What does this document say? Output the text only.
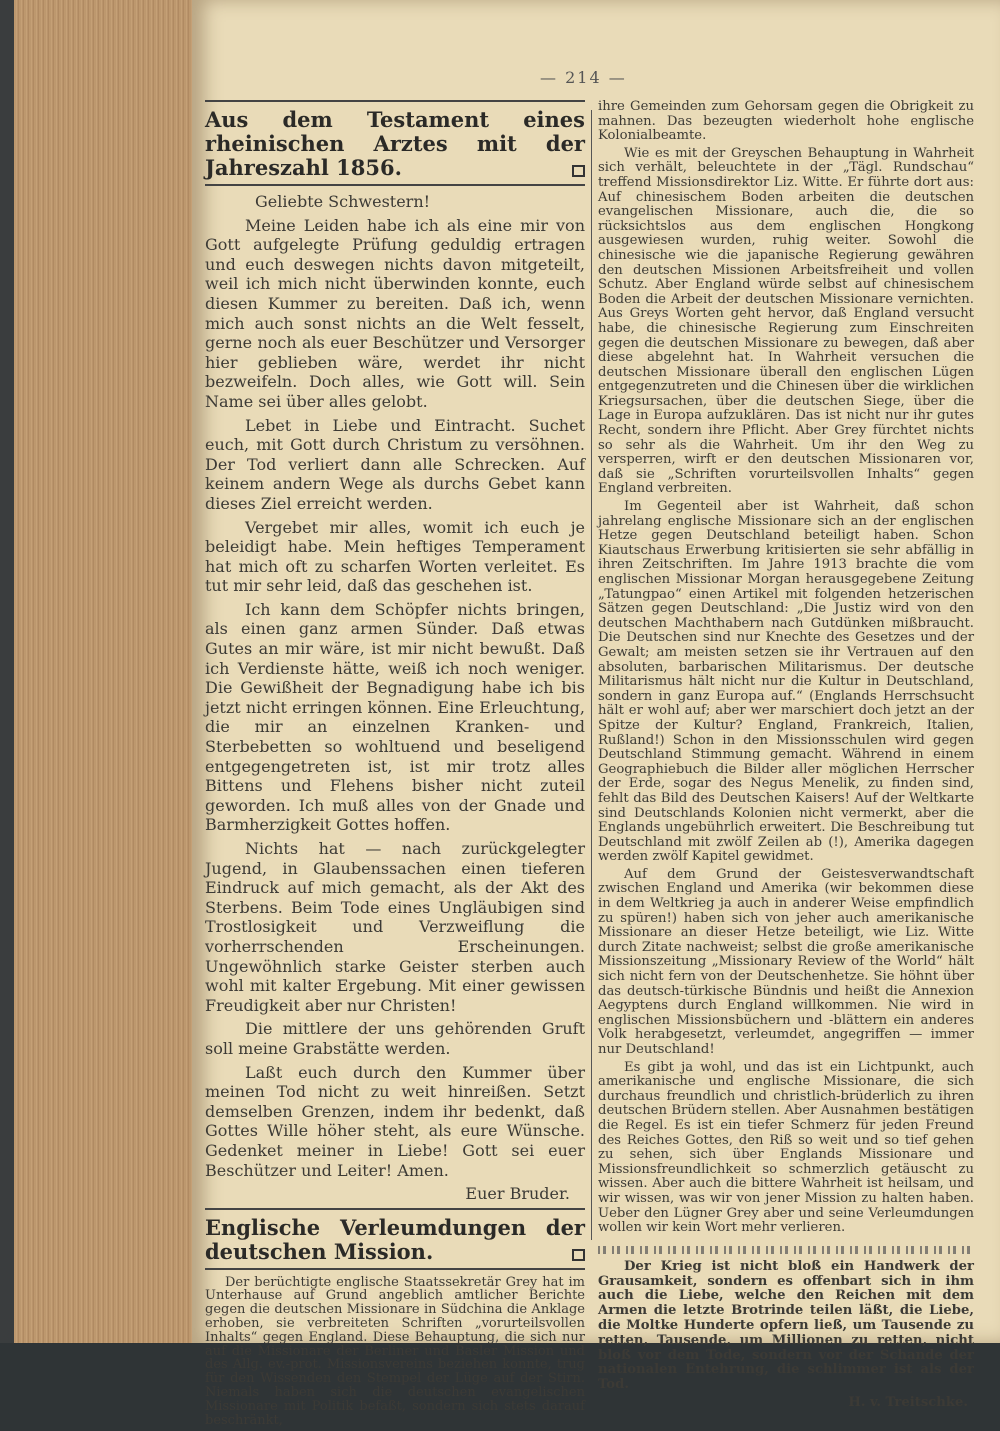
— 214 —
Aus dem Testament eines rheinischen Arztes mit der Jahreszahl 1856.

Geliebte Schwestern!

Meine Leiden habe ich als eine mir von Gott aufgelegte Prüfung geduldig ertragen und euch deswegen nichts davon mitgeteilt, weil ich mich nicht überwinden konnte, euch diesen Kummer zu bereiten. Daß ich, wenn mich auch sonst nichts an die Welt fesselt, gerne noch als euer Beschützer und Versorger hier geblieben wäre, werdet ihr nicht bezweifeln. Doch alles, wie Gott will. Sein Name sei über alles gelobt.

Lebet in Liebe und Eintracht. Suchet euch, mit Gott durch Christum zu versöhnen. Der Tod verliert dann alle Schrecken. Auf keinem andern Wege als durchs Gebet kann dieses Ziel erreicht werden.

Vergebet mir alles, womit ich euch je beleidigt habe. Mein heftiges Temperament hat mich oft zu scharfen Worten verleitet. Es tut mir sehr leid, daß das geschehen ist.

Ich kann dem Schöpfer nichts bringen, als einen ganz armen Sünder. Daß etwas Gutes an mir wäre, ist mir nicht bewußt. Daß ich Verdienste hätte, weiß ich noch weniger. Die Gewißheit der Begnadigung habe ich bis jetzt nicht erringen können. Eine Erleuchtung, die mir an einzelnen Kranken- und Sterbebetten so wohltuend und beseligend entgegengetreten ist, ist mir trotz alles Bittens und Flehens bisher nicht zuteil geworden. Ich muß alles von der Gnade und Barmherzigkeit Gottes hoffen.

Nichts hat — nach zurückgelegter Jugend, in Glaubenssachen einen tieferen Eindruck auf mich gemacht, als der Akt des Sterbens. Beim Tode eines Ungläubigen sind Trostlosigkeit und Verzweiflung die vorherrschenden Erscheinungen. Ungewöhnlich starke Geister sterben auch wohl mit kalter Ergebung. Mit einer gewissen Freudigkeit aber nur Christen!

Die mittlere der uns gehörenden Gruft soll meine Grabstätte werden.

Laßt euch durch den Kummer über meinen Tod nicht zu weit hinreißen. Setzt demselben Grenzen, indem ihr bedenkt, daß Gottes Wille höher steht, als eure Wünsche. Gedenket meiner in Liebe! Gott sei euer Beschützer und Leiter! Amen.

Euer Bruder.

Englische Verleumdungen der deutschen Mission.

Der berüchtigte englische Staatssekretär Grey hat im Unterhause auf Grund angeblich amtlicher Berichte gegen die deutschen Missionare in Südchina die Anklage erhoben, sie verbreiteten Schriften „vorurteilsvollen Inhalts“ gegen England. Diese Behauptung, die sich nur auf die Missionare der Berliner und Basler Mission und des Allg. ev.-prot. Missionsvereins beziehen konnte, trug für den Wissenden den Stempel der Lüge auf der Stirn. Niemals haben sich die deutschen evangelischen Missionare mit Politik befaßt, sondern sich stets darauf beschränkt,

ihre Gemeinden zum Gehorsam gegen die Obrigkeit zu mahnen. Das bezeugten wiederholt hohe englische Kolonialbeamte.

Wie es mit der Greyschen Behauptung in Wahrheit sich verhält, beleuchtete in der „Tägl. Rundschau“ treffend Missionsdirektor Liz. Witte. Er führte dort aus: Auf chinesischem Boden arbeiten die deutschen evangelischen Missionare, auch die, die so rücksichtslos aus dem englischen Hongkong ausgewiesen wurden, ruhig weiter. Sowohl die chinesische wie die japanische Regierung gewähren den deutschen Missionen Arbeitsfreiheit und vollen Schutz. Aber England würde selbst auf chinesischem Boden die Arbeit der deutschen Missionare vernichten. Aus Greys Worten geht hervor, daß England versucht habe, die chinesische Regierung zum Einschreiten gegen die deutschen Missionare zu bewegen, daß aber diese abgelehnt hat. In Wahrheit versuchen die deutschen Missionare überall den englischen Lügen entgegenzutreten und die Chinesen über die wirklichen Kriegsursachen, über die deutschen Siege, über die Lage in Europa aufzuklären. Das ist nicht nur ihr gutes Recht, sondern ihre Pflicht. Aber Grey fürchtet nichts so sehr als die Wahrheit. Um ihr den Weg zu versperren, wirft er den deutschen Missionaren vor, daß sie „Schriften vorurteilsvollen Inhalts“ gegen England verbreiten.

Im Gegenteil aber ist Wahrheit, daß schon jahrelang englische Missionare sich an der englischen Hetze gegen Deutschland beteiligt haben. Schon Kiautschaus Erwerbung kritisierten sie sehr abfällig in ihren Zeitschriften. Im Jahre 1913 brachte die vom englischen Missionar Morgan herausgegebene Zeitung „Tatungpao“ einen Artikel mit folgenden hetzerischen Sätzen gegen Deutschland: „Die Justiz wird von den deutschen Machthabern nach Gutdünken mißbraucht. Die Deutschen sind nur Knechte des Gesetzes und der Gewalt; am meisten setzen sie ihr Vertrauen auf den absoluten, barbarischen Militarismus. Der deutsche Militarismus hält nicht nur die Kultur in Deutschland, sondern in ganz Europa auf.“ (Englands Herrschsucht hält er wohl auf; aber wer marschiert doch jetzt an der Spitze der Kultur? England, Frankreich, Italien, Rußland!) Schon in den Missionsschulen wird gegen Deutschland Stimmung gemacht. Während in einem Geographiebuch die Bilder aller möglichen Herrscher der Erde, sogar des Negus Menelik, zu finden sind, fehlt das Bild des Deutschen Kaisers! Auf der Weltkarte sind Deutschlands Kolonien nicht vermerkt, aber die Englands ungebührlich erweitert. Die Beschreibung tut Deutschland mit zwölf Zeilen ab (!), Amerika dagegen werden zwölf Kapitel gewidmet.

Auf dem Grund der Geistesverwandtschaft zwischen England und Amerika (wir bekommen diese in dem Weltkrieg ja auch in anderer Weise empfindlich zu spüren!) haben sich von jeher auch amerikanische Missionare an dieser Hetze beteiligt, wie Liz. Witte durch Zitate nachweist; selbst die große amerikanische Missionszeitung „Missionary Review of the World“ hält sich nicht fern von der Deutschenhetze. Sie höhnt über das deutsch-türkische Bündnis und heißt die Annexion Aegyptens durch England willkommen. Nie wird in englischen Missionsbüchern und -blättern ein anderes Volk herabgesetzt, verleumdet, angegriffen — immer nur Deutschland!

Es gibt ja wohl, und das ist ein Lichtpunkt, auch amerikanische und englische Missionare, die sich durchaus freundlich und christlich-brüderlich zu ihren deutschen Brüdern stellen. Aber Ausnahmen bestätigen die Regel. Es ist ein tiefer Schmerz für jeden Freund des Reiches Gottes, den Riß so weit und so tief gehen zu sehen, sich über Englands Missionare und Missionsfreundlichkeit so schmerzlich getäuscht zu wissen. Aber auch die bittere Wahrheit ist heilsam, und wir wissen, was wir von jener Mission zu halten haben. Ueber den Lügner Grey aber und seine Verleumdungen wollen wir kein Wort mehr verlieren.

Der Krieg ist nicht bloß ein Handwerk der Grausamkeit, sondern es offenbart sich in ihm auch die Liebe, welche den Reichen mit dem Armen die letzte Brotrinde teilen läßt, die Liebe, die Moltke Hunderte opfern ließ, um Tausende zu retten, Tausende, um Millionen zu retten, nicht bloß vor dem Tode, sondern vor der Schande der nationalen Entehrung, die schlimmer ist als der Tod.

H. v. Treitschke.
